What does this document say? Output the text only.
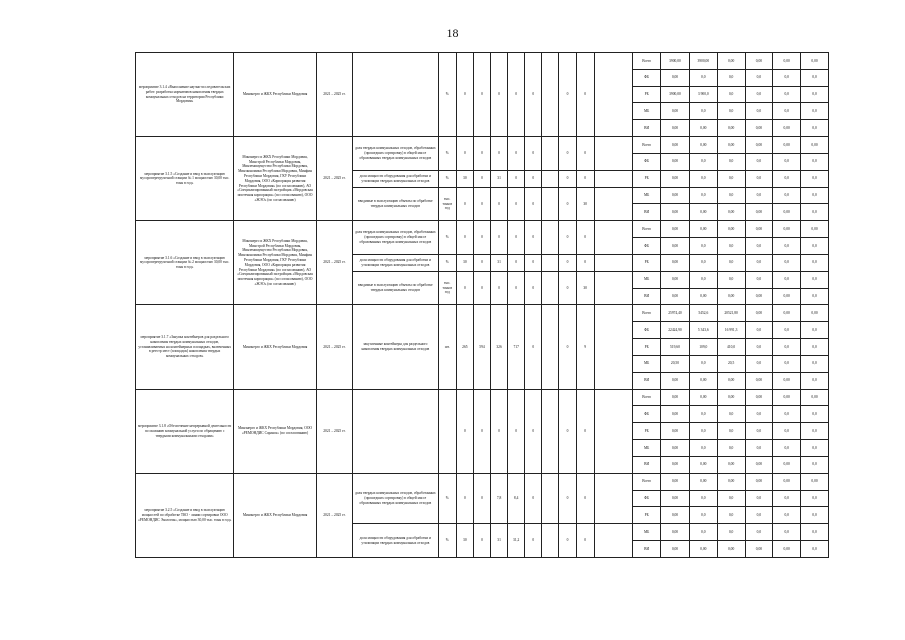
18
мероприятие 3.1.4 «Выполнение научно-исследовательских работ: разработка нормативов накопления твердых коммунальных отходов на территории Республики Мордовия»	Минэнерго и ЖКХ Республики Мордовия	2021 – 2025 гг.		%	0	0	0	0	0		0	0		Всего	3900,00	3900,00	0,00	0,00	0,00	0,00
														ФБ	0,00	0,0	0,0	0,0	0,0	0,0
														РБ	3900,00	3 900,0	0,0	0,0	0,0	0,0
														МБ	0,00	0,0	0,0	0,0	0,0	0,0
														ВИ	0,00	0,00	0,00	0,00	0,00	0,0
мероприятие 3.1.5 «Создание и ввод в эксплуатацию мусороперегрузочной станции № 1 мощностью 30,00 тыс. тонн в год»	Минэнерго и ЖКХ Республики Мордовия, Минстрой Республики Мордовия, Минземимущество Республики Мордовия, Минэкономики Республики Мордовия, Минфин Республики Мордовия, ГКУ Республики Мордовия, ООО «Корпорация развития Республики Мордовия» (по согласованию), АО «Специализированный застройщик «Мордовская ипотечная корпорация» (по согласованию), ООО «ЖЭО» (по согласованию)	2021 – 2025 гг.	доля твердых коммунальных отходов, обработанных (прошедших сортировку) в общей массе образованных твердых коммунальных отходов	%	0	0	0	0	0		0	0		Всего	0,00	0,00	0,00	0,00	0,00	0,00
														ФБ	0,00	0,0	0,0	0,0	0,0	0,0
			доля мощности оборудования для обработки и утилизации твердых коммунальных отходов	%	30	0	31	0	0		0	0		РБ	0,00	0,0	0,0	0,0	0,0	0,0
			вводимые в эксплуатацию объекты по обработке твердых коммунальных отходов	тыс. тонн в год	0	0	0	0	0		0	30		МБ	0,00	0,0	0,0	0,0	0,0	0,0
														ВИ	0,00	0,00	0,00	0,00	0,00	0,0
мероприятие 3.1.6 «Создание и ввод в эксплуатацию мусороперегрузочной станции № 2 мощностью 30,00 тыс. тонн в год»	Минэнерго и ЖКХ Республики Мордовия, Минстрой Республики Мордовия, Минземимущество Республики Мордовия, Минэкономики Республики Мордовия, Минфин Республики Мордовия, ГКУ Республики Мордовия, ООО «Корпорация развития Республики Мордовия» (по согласованию), АО «Специализированный застройщик «Мордовская ипотечная корпорация» (по согласованию), ООО «ЖЭО» (по согласованию)	2021 – 2025 гг.	доля твердых коммунальных отходов, обработанных (прошедших сортировку) в общей массе образованных твердых коммунальных отходов	%	0	0	0	0	0		0	0		Всего	0,00	0,00	0,00	0,00	0,00	0,00
														ФБ	0,00	0,0	0,0	0,0	0,0	0,0
			доля мощности оборудования для обработки и утилизации твердых коммунальных отходов	%	30	0	31	0	0		0	0		РБ	0,00	0,0	0,0	0,0	0,0	0,0
			вводимые в эксплуатацию объекты по обработке твердых коммунальных отходов	тыс. тонн в год	0	0	0	0	0		0	30		МБ	0,00	0,0	0,0	0,0	0,0	0,0
														ВИ	0,00	0,00	0,00	0,00	0,00	0,0
мероприятие 3.1.7 «Закупка контейнеров для раздельного накопления твердых коммунальных отходов, устанавливаемых на контейнерных площадках, включенных в реестр мест (площадок) накопления твердых коммунальных отходов»	Минэнерго и ЖКХ Республики Мордовия	2021 – 2025 гг.	закупленные контейнеры для раздельного накопления твердых коммунальных отходов	шт.	265	594	326	717	0		0	9		Всего	25974,40	5452,6	20521,80	0,00	0,00	0,00
														ФБ	22424,90	5 343,6	16 991,3	0,0	0,0	0,0
														РБ	519,60	109,0	410,0	0,0	0,0	0,0
														МБ	20,50	0,0	20,5	0,0	0,0	0,0
														ВИ	0,00	0,00	0,00	0,00	0,00	0,0
мероприятие 3.1.8 «Обеспечение непрерывной деятельности по оказанию коммунальной услуги по обращению с твердыми коммунальными отходами»	Минэнерго и ЖКХ Республики Мордовия, ООО «РЕМОНДИС Саранск» (по согласованию)	2021 – 2025 гг.			0	0	0	0	0		0	0		Всего	0,00	0,00	0,00	0,00	0,00	0,00
														ФБ	0,00	0,0	0,0	0,0	0,0	0,0
														РБ	0,00	0,0	0,0	0,0	0,0	0,0
														МБ	0,00	0,0	0,0	0,0	0,0	0,0
														ВИ	0,00	0,00	0,00	0,00	0,00	0,0
мероприятие 3.2.5 «Создание и ввод в эксплуатацию мощностей по обработке ТКО - линии сортировки ООО «РЕМОНДИС Экология», мощностью 30,00 тыс. тонн в год»	Минэнерго и ЖКХ Республики Мордовия	2021 – 2025 гг.	доля твердых коммунальных отходов, обработанных (прошедших сортировку) в общей массе образованных твердых коммунальных отходов	%	0	0	7,8	8,4	0		0	0		Всего	0,00	0,00	0,00	0,00	0,00	0,00
														ФБ	0,00	0,0	0,0	0,0	0,0	0,0
														РБ	0,00	0,0	0,0	0,0	0,0	0,0
			доля мощности оборудования для обработки и утилизации твердых коммунальных отходов	%	30	0	31	31,2	0		0	0		МБ	0,00	0,0	0,0	0,0	0,0	0,0
														ВИ	0,00	0,00	0,00	0,00	0,00	0,0
